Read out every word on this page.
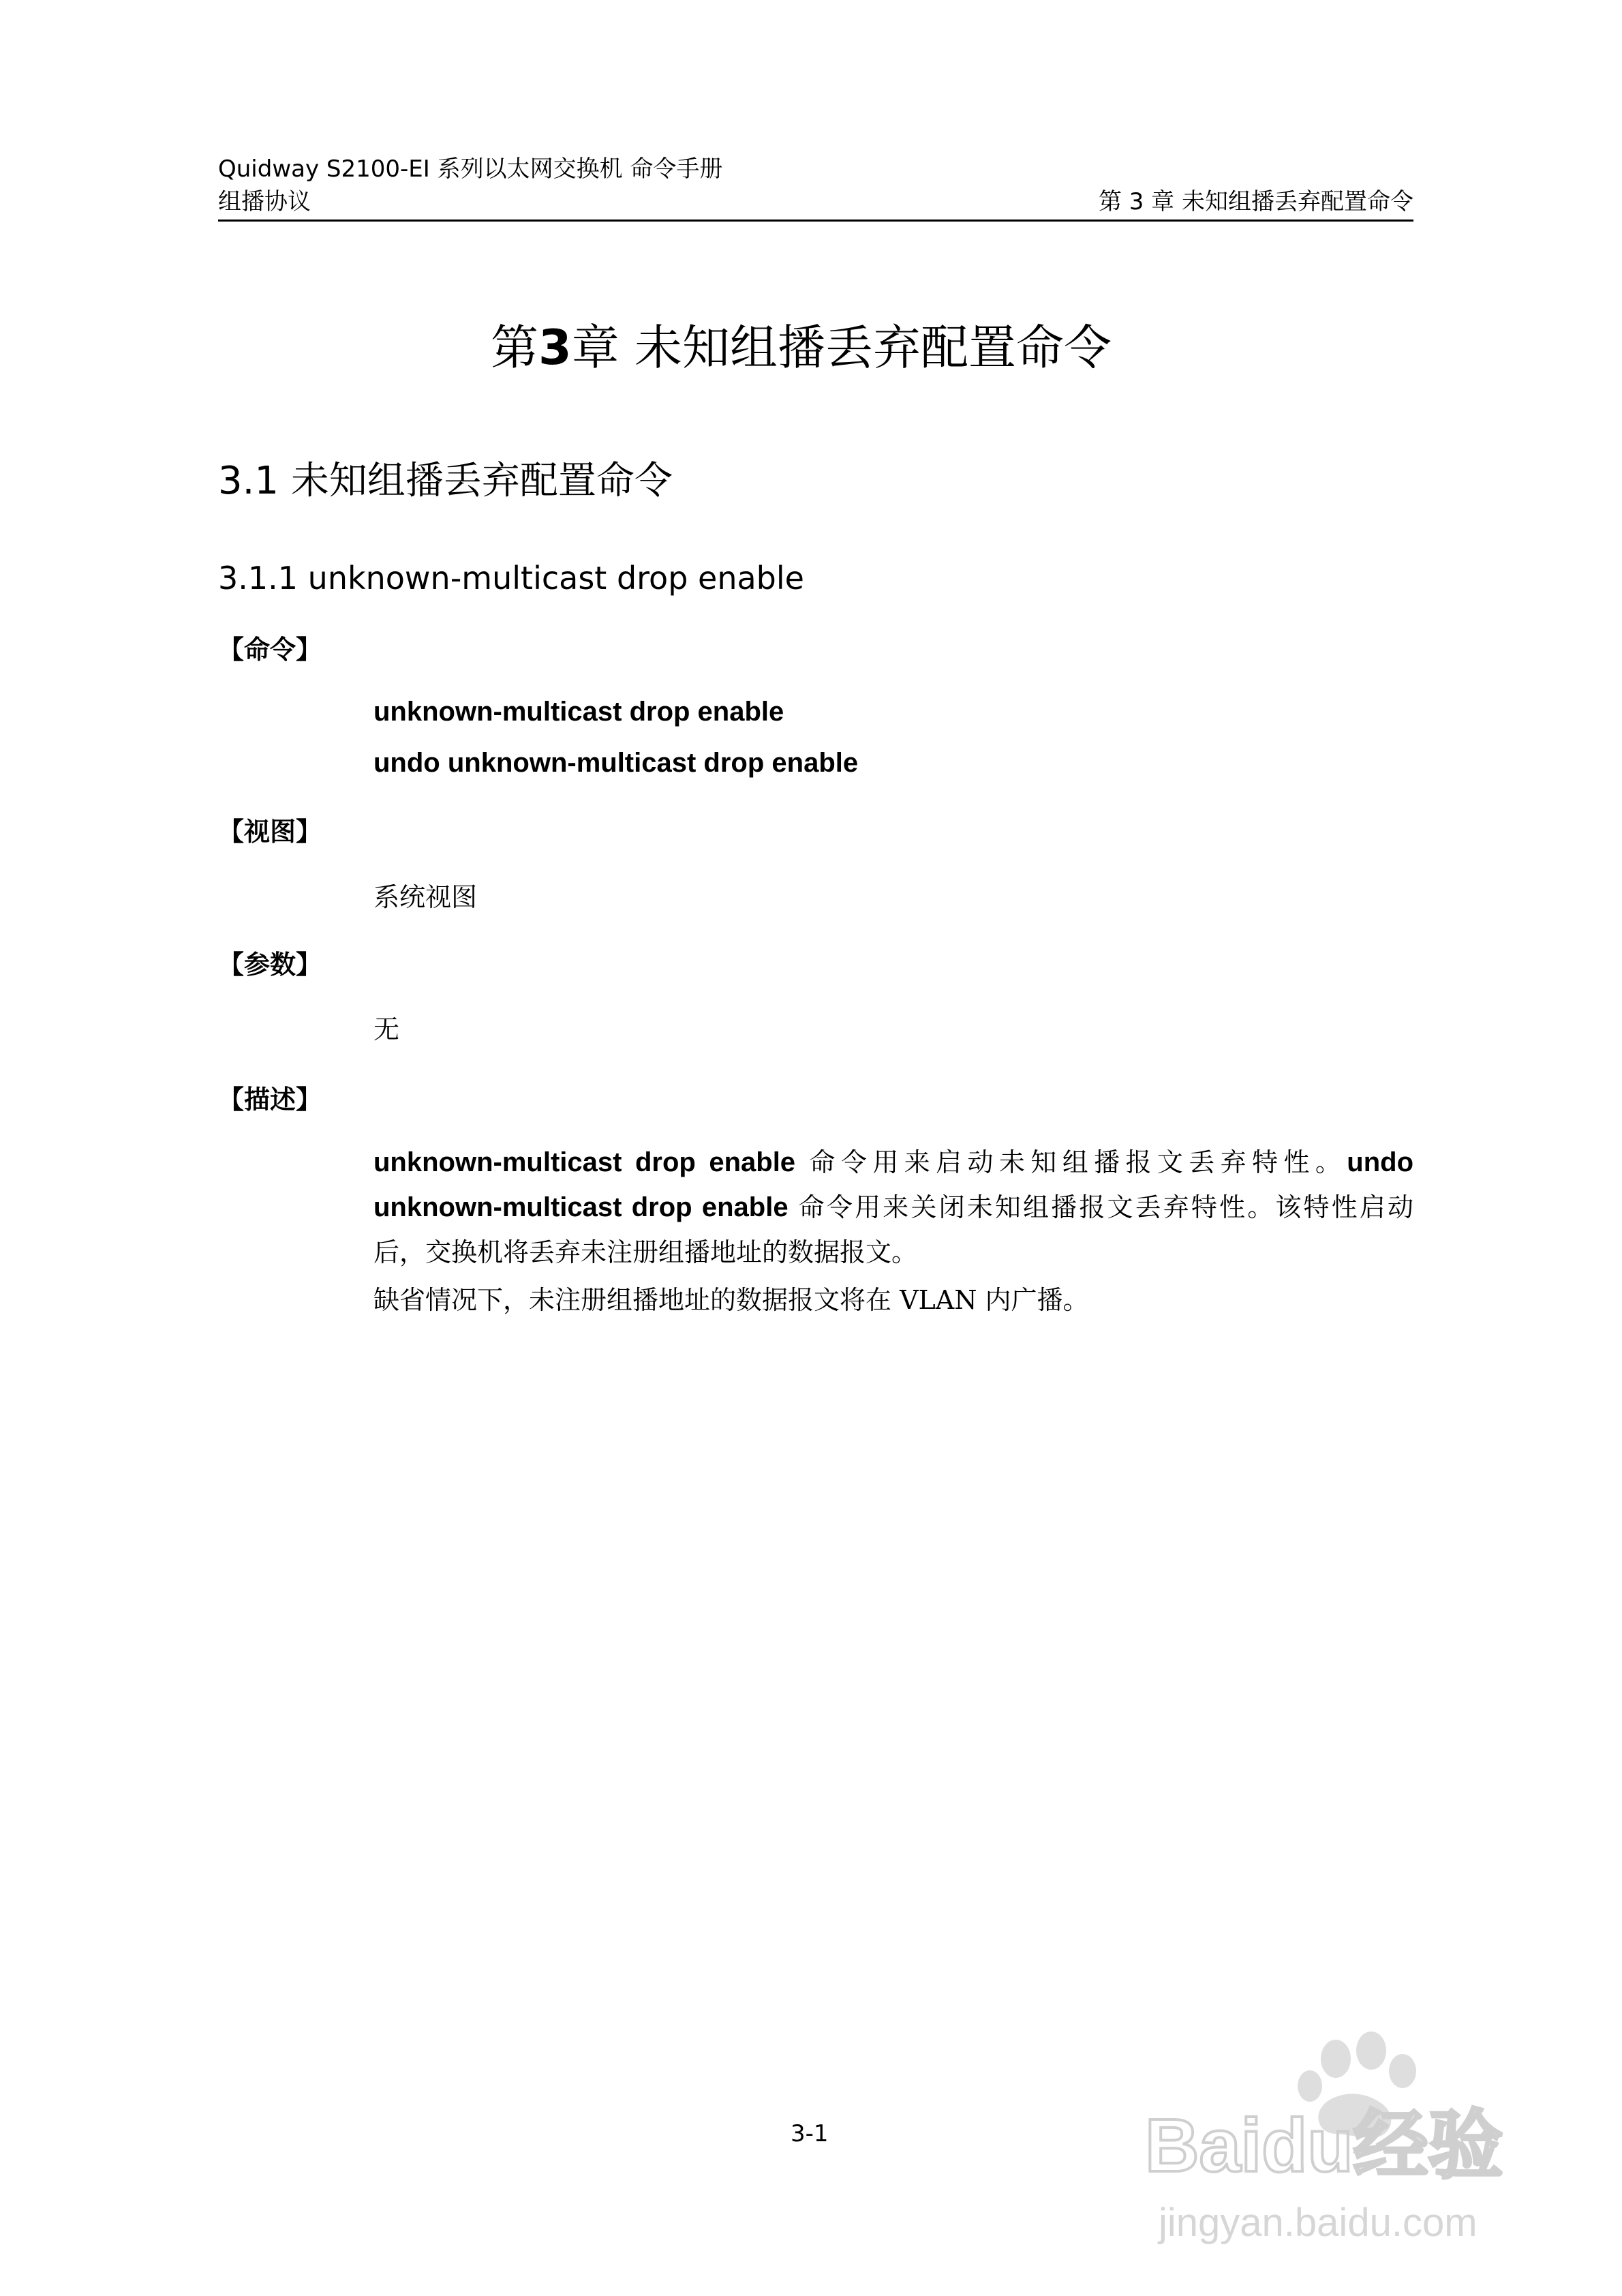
Quidway S2100-EI 系列以太网交换机 命令手册
组播协议	第 3 章 未知组播丢弃配置命令
第3章 未知组播丢弃配置命令
3.1 未知组播丢弃配置命令
3.1.1 unknown-multicast drop enable
【命令】
unknown-multicast drop enable
undo unknown-multicast drop enable
【视图】
系统视图
【参数】
无
【描述】

unknown-multicast drop enable 命令用来启动未知组播报文丢弃特性。undo unknown-multicast drop enable 命令用来关闭未知组播报文丢弃特性。该特性启动后，交换机将丢弃未注册组播地址的数据报文。

缺省情况下，未注册组播地址的数据报文将在 VLAN 内广播。

3-1	Baidu经验
jingyan.baidu.com
